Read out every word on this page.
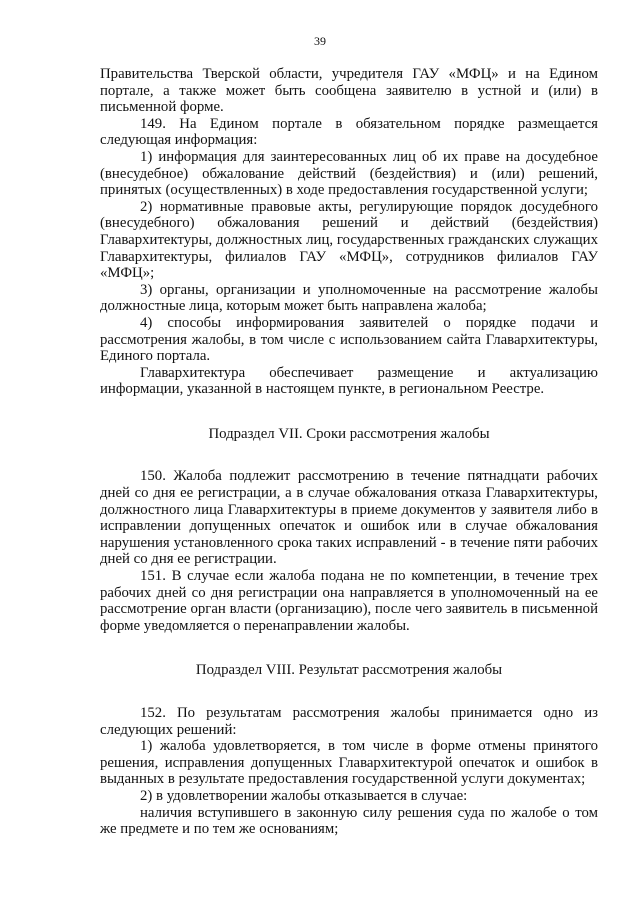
39

Правительства Тверской области, учредителя ГАУ «МФЦ» и на Едином портале, а также может быть сообщена заявителю в устной и (или) в письменной форме.

149. На Едином портале в обязательном порядке размещается следующая информация:

1) информация для заинтересованных лиц об их праве на досудебное (внесудебное) обжалование действий (бездействия) и (или) решений, принятых (осуществленных) в ходе предоставления государственной услуги;

2) нормативные правовые акты, регулирующие порядок досудебного (внесудебного) обжалования решений и действий (бездействия) Главархитектуры, должностных лиц, государственных гражданских служащих Главархитектуры, филиалов ГАУ «МФЦ», сотрудников филиалов ГАУ «МФЦ»;

3) органы, организации и уполномоченные на рассмотрение жалобы должностные лица, которым может быть направлена жалоба;

4) способы информирования заявителей о порядке подачи и рассмотрения жалобы, в том числе с использованием сайта Главархитектуры, Единого портала.

Главархитектура обеспечивает размещение и актуализацию информации, указанной в настоящем пункте, в региональном Реестре.

Подраздел VII. Сроки рассмотрения жалобы

150. Жалоба подлежит рассмотрению в течение пятнадцати рабочих дней со дня ее регистрации, а в случае обжалования отказа Главархитектуры, должностного лица Главархитектуры в приеме документов у заявителя либо в исправлении допущенных опечаток и ошибок или в случае обжалования нарушения установленного срока таких исправлений - в течение пяти рабочих дней со дня ее регистрации.

151. В случае если жалоба подана не по компетенции, в течение трех рабочих дней со дня регистрации она направляется в уполномоченный на ее рассмотрение орган власти (организацию), после чего заявитель в письменной форме уведомляется о перенаправлении жалобы.

Подраздел VIII. Результат рассмотрения жалобы

152. По результатам рассмотрения жалобы принимается одно из следующих решений:

1) жалоба удовлетворяется, в том числе в форме отмены принятого решения, исправления допущенных Главархитектурой опечаток и ошибок в выданных в результате предоставления государственной услуги документах;

2) в удовлетворении жалобы отказывается в случае:

наличия вступившего в законную силу решения суда по жалобе о том же предмете и по тем же основаниям;
